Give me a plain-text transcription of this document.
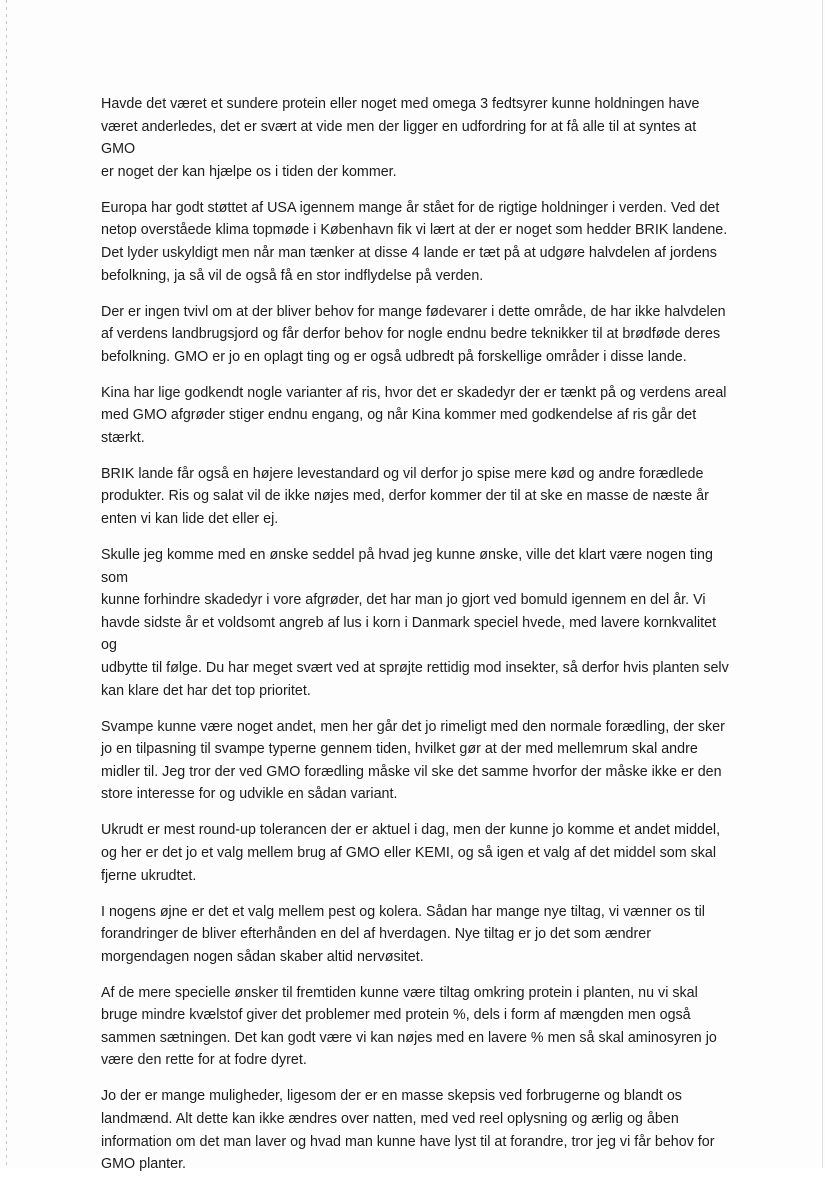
Havde det været et sundere protein eller noget med omega 3 fedtsyrer kunne holdningen have
været anderledes, det er svært at vide men der ligger en udfordring for at få alle til at syntes at GMO
er noget der kan hjælpe os i tiden der kommer.

Europa har godt støttet af USA igennem mange år stået for de rigtige holdninger i verden. Ved det
netop overståede klima topmøde i København fik vi lært at der er noget som hedder BRIK landene.
Det lyder uskyldigt men når man tænker at disse 4 lande er tæt på at udgøre halvdelen af jordens
befolkning, ja så vil de også få en stor indflydelse på verden.

Der er ingen tvivl om at der bliver behov for mange fødevarer i dette område, de har ikke halvdelen
af verdens landbrugsjord og får derfor behov for nogle endnu bedre teknikker til at brødføde deres
befolkning. GMO er jo en oplagt ting og er også udbredt på forskellige områder i disse lande.

Kina har lige godkendt nogle varianter af ris, hvor det er skadedyr der er tænkt på og verdens areal
med GMO afgrøder stiger endnu engang, og når Kina kommer med godkendelse af ris går det stærkt.

BRIK lande får også en højere levestandard og vil derfor jo spise mere kød og andre forædlede
produkter. Ris og salat vil de ikke nøjes med, derfor kommer der til at ske en masse de næste år
enten vi kan lide det eller ej.

Skulle jeg komme med en ønske seddel på hvad jeg kunne ønske, ville det klart være nogen ting som
kunne forhindre skadedyr i vore afgrøder, det har man jo gjort ved bomuld igennem en del år. Vi
havde sidste år et voldsomt angreb af lus i korn i Danmark speciel hvede, med lavere kornkvalitet og
udbytte til følge. Du har meget svært ved at sprøjte rettidig mod insekter, så derfor hvis planten selv
kan klare det har det top prioritet.

Svampe kunne være noget andet, men her går det jo rimeligt med den normale forædling, der sker
jo en tilpasning til svampe typerne gennem tiden, hvilket gør at der med mellemrum skal andre
midler til. Jeg tror der ved GMO forædling måske vil ske det samme hvorfor der måske ikke er den
store interesse for og udvikle en sådan variant.

Ukrudt er mest round-up tolerancen der er aktuel i dag, men der kunne jo komme et andet middel,
og her er det jo et valg mellem brug af GMO eller KEMI, og så igen et valg af det middel som skal
fjerne ukrudtet.

I nogens øjne er det et valg mellem pest og kolera. Sådan har mange nye tiltag, vi vænner os til
forandringer de bliver efterhånden en del af hverdagen. Nye tiltag er jo det som ændrer
morgendagen nogen sådan skaber altid nervøsitet.

Af de mere specielle ønsker til fremtiden kunne være tiltag omkring protein i planten, nu vi skal
bruge mindre kvælstof giver det problemer med protein %, dels i form af mængden men også
sammen sætningen. Det kan godt være vi kan nøjes med en lavere % men så skal aminosyren jo
være den rette for at fodre dyret.

Jo der er mange muligheder, ligesom der er en masse skepsis ved forbrugerne og blandt os
landmænd. Alt dette kan ikke ændres over natten, med ved reel oplysning og ærlig og åben
information om det man laver og hvad man kunne have lyst til at forandre, tror jeg vi får behov for
GMO planter.
